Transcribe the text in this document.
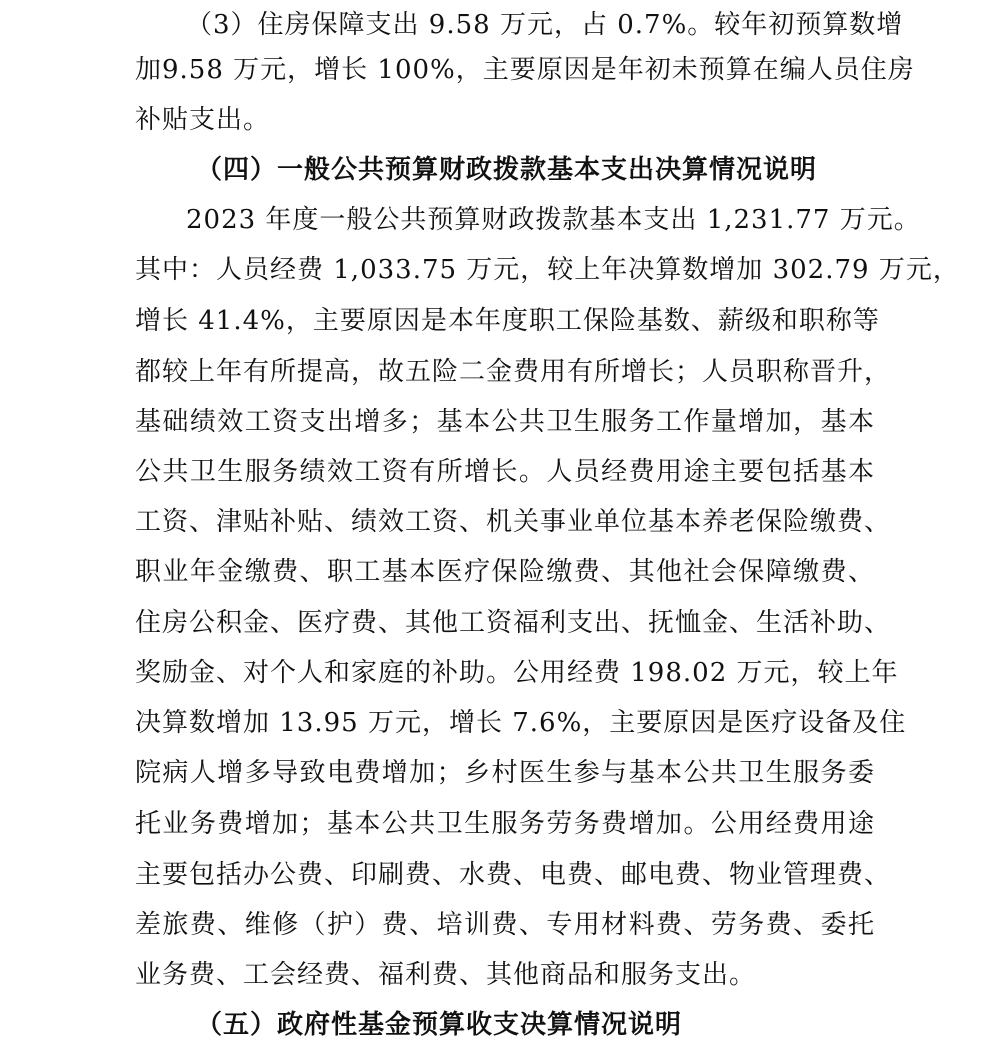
（3）住房保障支出 9.58 万元，占 0.7%。较年初预算数增
加9.58 万元，增长 100%，主要原因是年初未预算在编人员住房
补贴支出。
（四）一般公共预算财政拨款基本支出决算情况说明
2023 年度一般公共预算财政拨款基本支出 1,231.77 万元。
其中：人员经费 1,033.75 万元，较上年决算数增加 302.79 万元，
增长 41.4%，主要原因是本年度职工保险基数、薪级和职称等
都较上年有所提高，故五险二金费用有所增长；人员职称晋升，
基础绩效工资支出增多；基本公共卫生服务工作量增加，基本
公共卫生服务绩效工资有所增长。人员经费用途主要包括基本
工资、津贴补贴、绩效工资、机关事业单位基本养老保险缴费、
职业年金缴费、职工基本医疗保险缴费、其他社会保障缴费、
住房公积金、医疗费、其他工资福利支出、抚恤金、生活补助、
奖励金、对个人和家庭的补助。公用经费 198.02 万元，较上年
决算数增加 13.95 万元，增长 7.6%，主要原因是医疗设备及住
院病人增多导致电费增加；乡村医生参与基本公共卫生服务委
托业务费增加；基本公共卫生服务劳务费增加。公用经费用途
主要包括办公费、印刷费、水费、电费、邮电费、物业管理费、
差旅费、维修（护）费、培训费、专用材料费、劳务费、委托
业务费、工会经费、福利费、其他商品和服务支出。
（五）政府性基金预算收支决算情况说明
